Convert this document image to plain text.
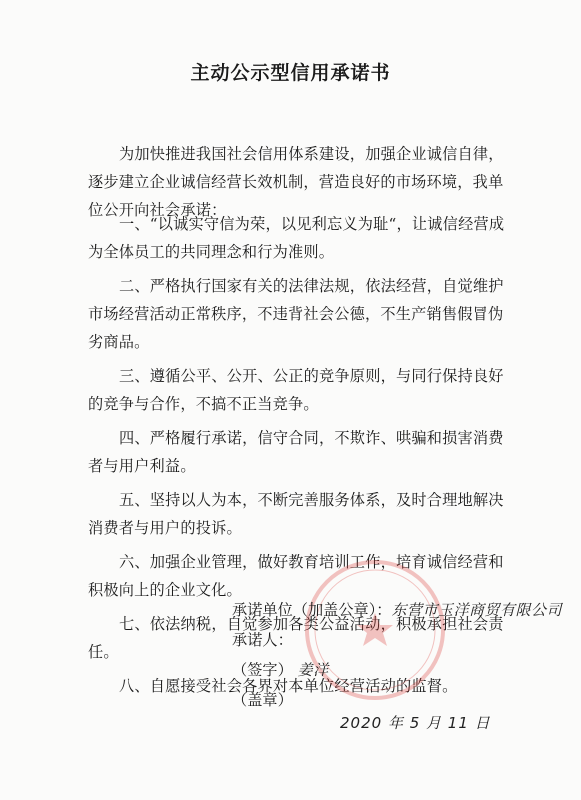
主动公示型信用承诺书

为加快推进我国社会信用体系建设，加强企业诚信自律，逐步建立企业诚信经营长效机制，营造良好的市场环境，我单位公开向社会承诺：

一、“以诚实守信为荣，以见利忘义为耻“，让诚信经营成为全体员工的共同理念和行为准则。

二、严格执行国家有关的法律法规，依法经营，自觉维护市场经营活动正常秩序，不违背社会公德，不生产销售假冒伪劣商品。

三、遵循公平、公开、公正的竞争原则，与同行保持良好的竞争与合作，不搞不正当竞争。

四、严格履行承诺，信守合同，不欺诈、哄骗和损害消费者与用户利益。

五、坚持以人为本，不断完善服务体系，及时合理地解决消费者与用户的投诉。

六、加强企业管理，做好教育培训工作，培育诚信经营和积极向上的企业文化。

七、依法纳税，自觉参加各类公益活动，积极承担社会责任。

八、自愿接受社会各界对本单位经营活动的监督。

承诺单位（加盖公章）：东营市玉洋商贸有限公司
承诺人：
（签字） 姜洋
（盖章）
2020 年 5 月 11 日
